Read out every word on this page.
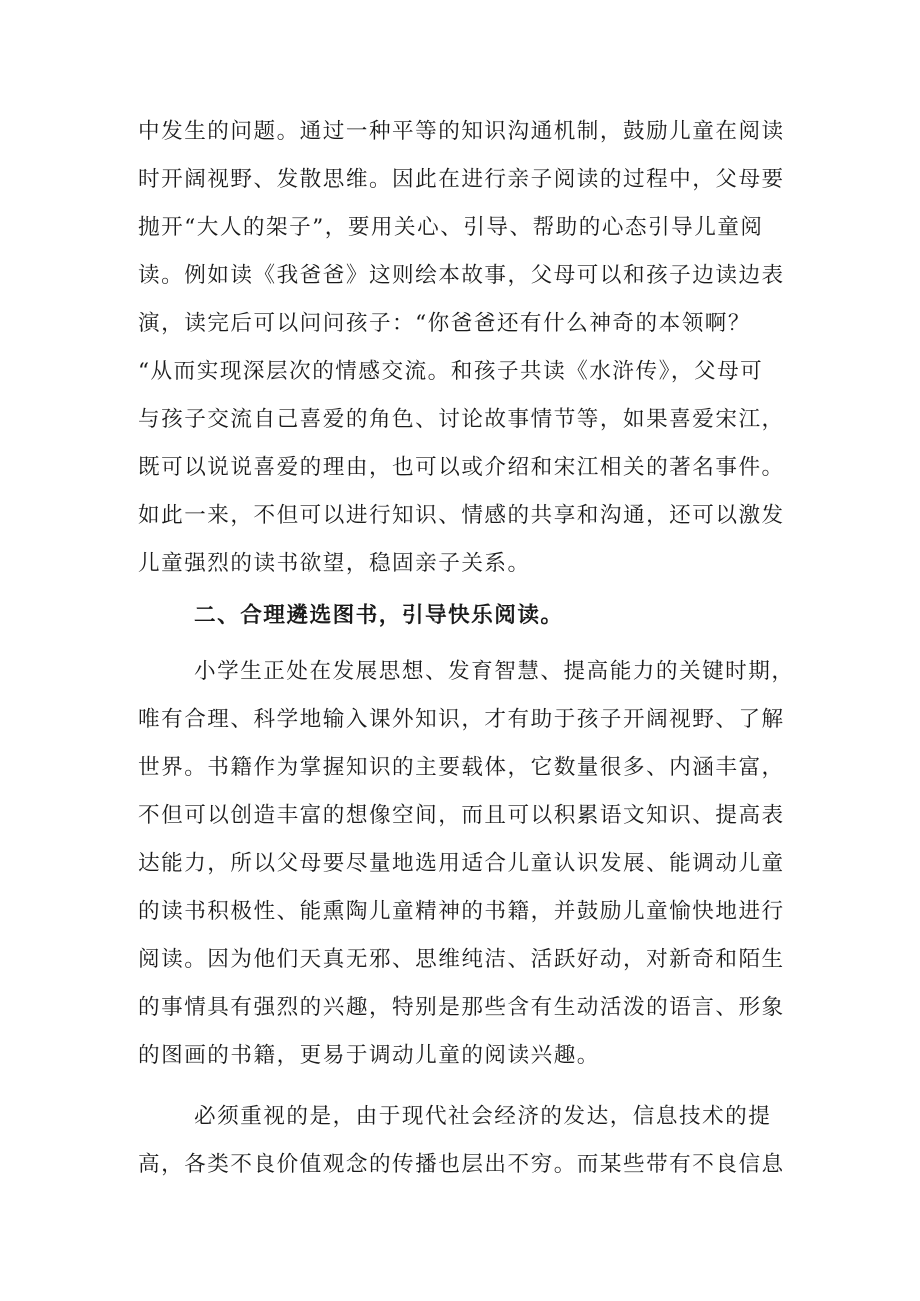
中发生的问题。通过一种平等的知识沟通机制，鼓励儿童在阅读
时开阔视野、发散思维。因此在进行亲子阅读的过程中，父母要
抛开“大人的架子”，要用关心、引导、帮助的心态引导儿童阅
读。例如读《我爸爸》这则绘本故事，父母可以和孩子边读边表
演，读完后可以问问孩子：“你爸爸还有什么神奇的本领啊？
“从而实现深层次的情感交流。和孩子共读《水浒传》，父母可
与孩子交流自己喜爱的角色、讨论故事情节等，如果喜爱宋江，
既可以说说喜爱的理由，也可以或介绍和宋江相关的著名事件。
如此一来，不但可以进行知识、情感的共享和沟通，还可以激发
儿童强烈的读书欲望，稳固亲子关系。
二、合理遴选图书，引导快乐阅读。
小学生正处在发展思想、发育智慧、提高能力的关键时期，
唯有合理、科学地输入课外知识，才有助于孩子开阔视野、了解
世界。书籍作为掌握知识的主要载体，它数量很多、内涵丰富，
不但可以创造丰富的想像空间，而且可以积累语文知识、提高表
达能力，所以父母要尽量地选用适合儿童认识发展、能调动儿童
的读书积极性、能熏陶儿童精神的书籍，并鼓励儿童愉快地进行
阅读。因为他们天真无邪、思维纯洁、活跃好动，对新奇和陌生
的事情具有强烈的兴趣，特别是那些含有生动活泼的语言、形象
的图画的书籍，更易于调动儿童的阅读兴趣。
必须重视的是，由于现代社会经济的发达，信息技术的提
高，各类不良价值观念的传播也层出不穷。而某些带有不良信息
